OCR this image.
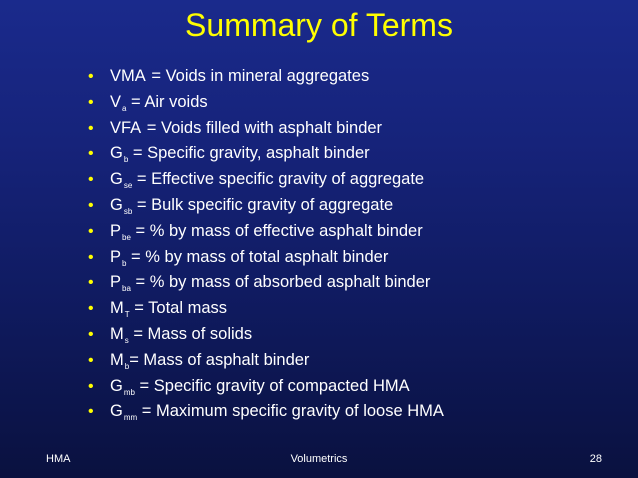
Summary of Terms
• VMA = Voids in mineral aggregates
• $V_a$ = Air voids
• VFA = Voids filled with asphalt binder
• $G_b$ = Specific gravity, asphalt binder
• $G_{se}$ = Effective specific gravity of aggregate
• $G_{sb}$ = Bulk specific gravity of aggregate
• $P_{be}$ = % by mass of effective asphalt binder
• $P_b$ = % by mass of total asphalt binder
• $P_{ba}$ = % by mass of absorbed asphalt binder
• $M_T$ = Total mass
• $M_s$ = Mass of solids
• $M_b=$ Mass of asphalt binder
• $G_{mb}$ = Specific gravity of compacted HMA
• $G_{mm}$ = Maximum specific gravity of loose HMA
HMA	Volumetrics	28
